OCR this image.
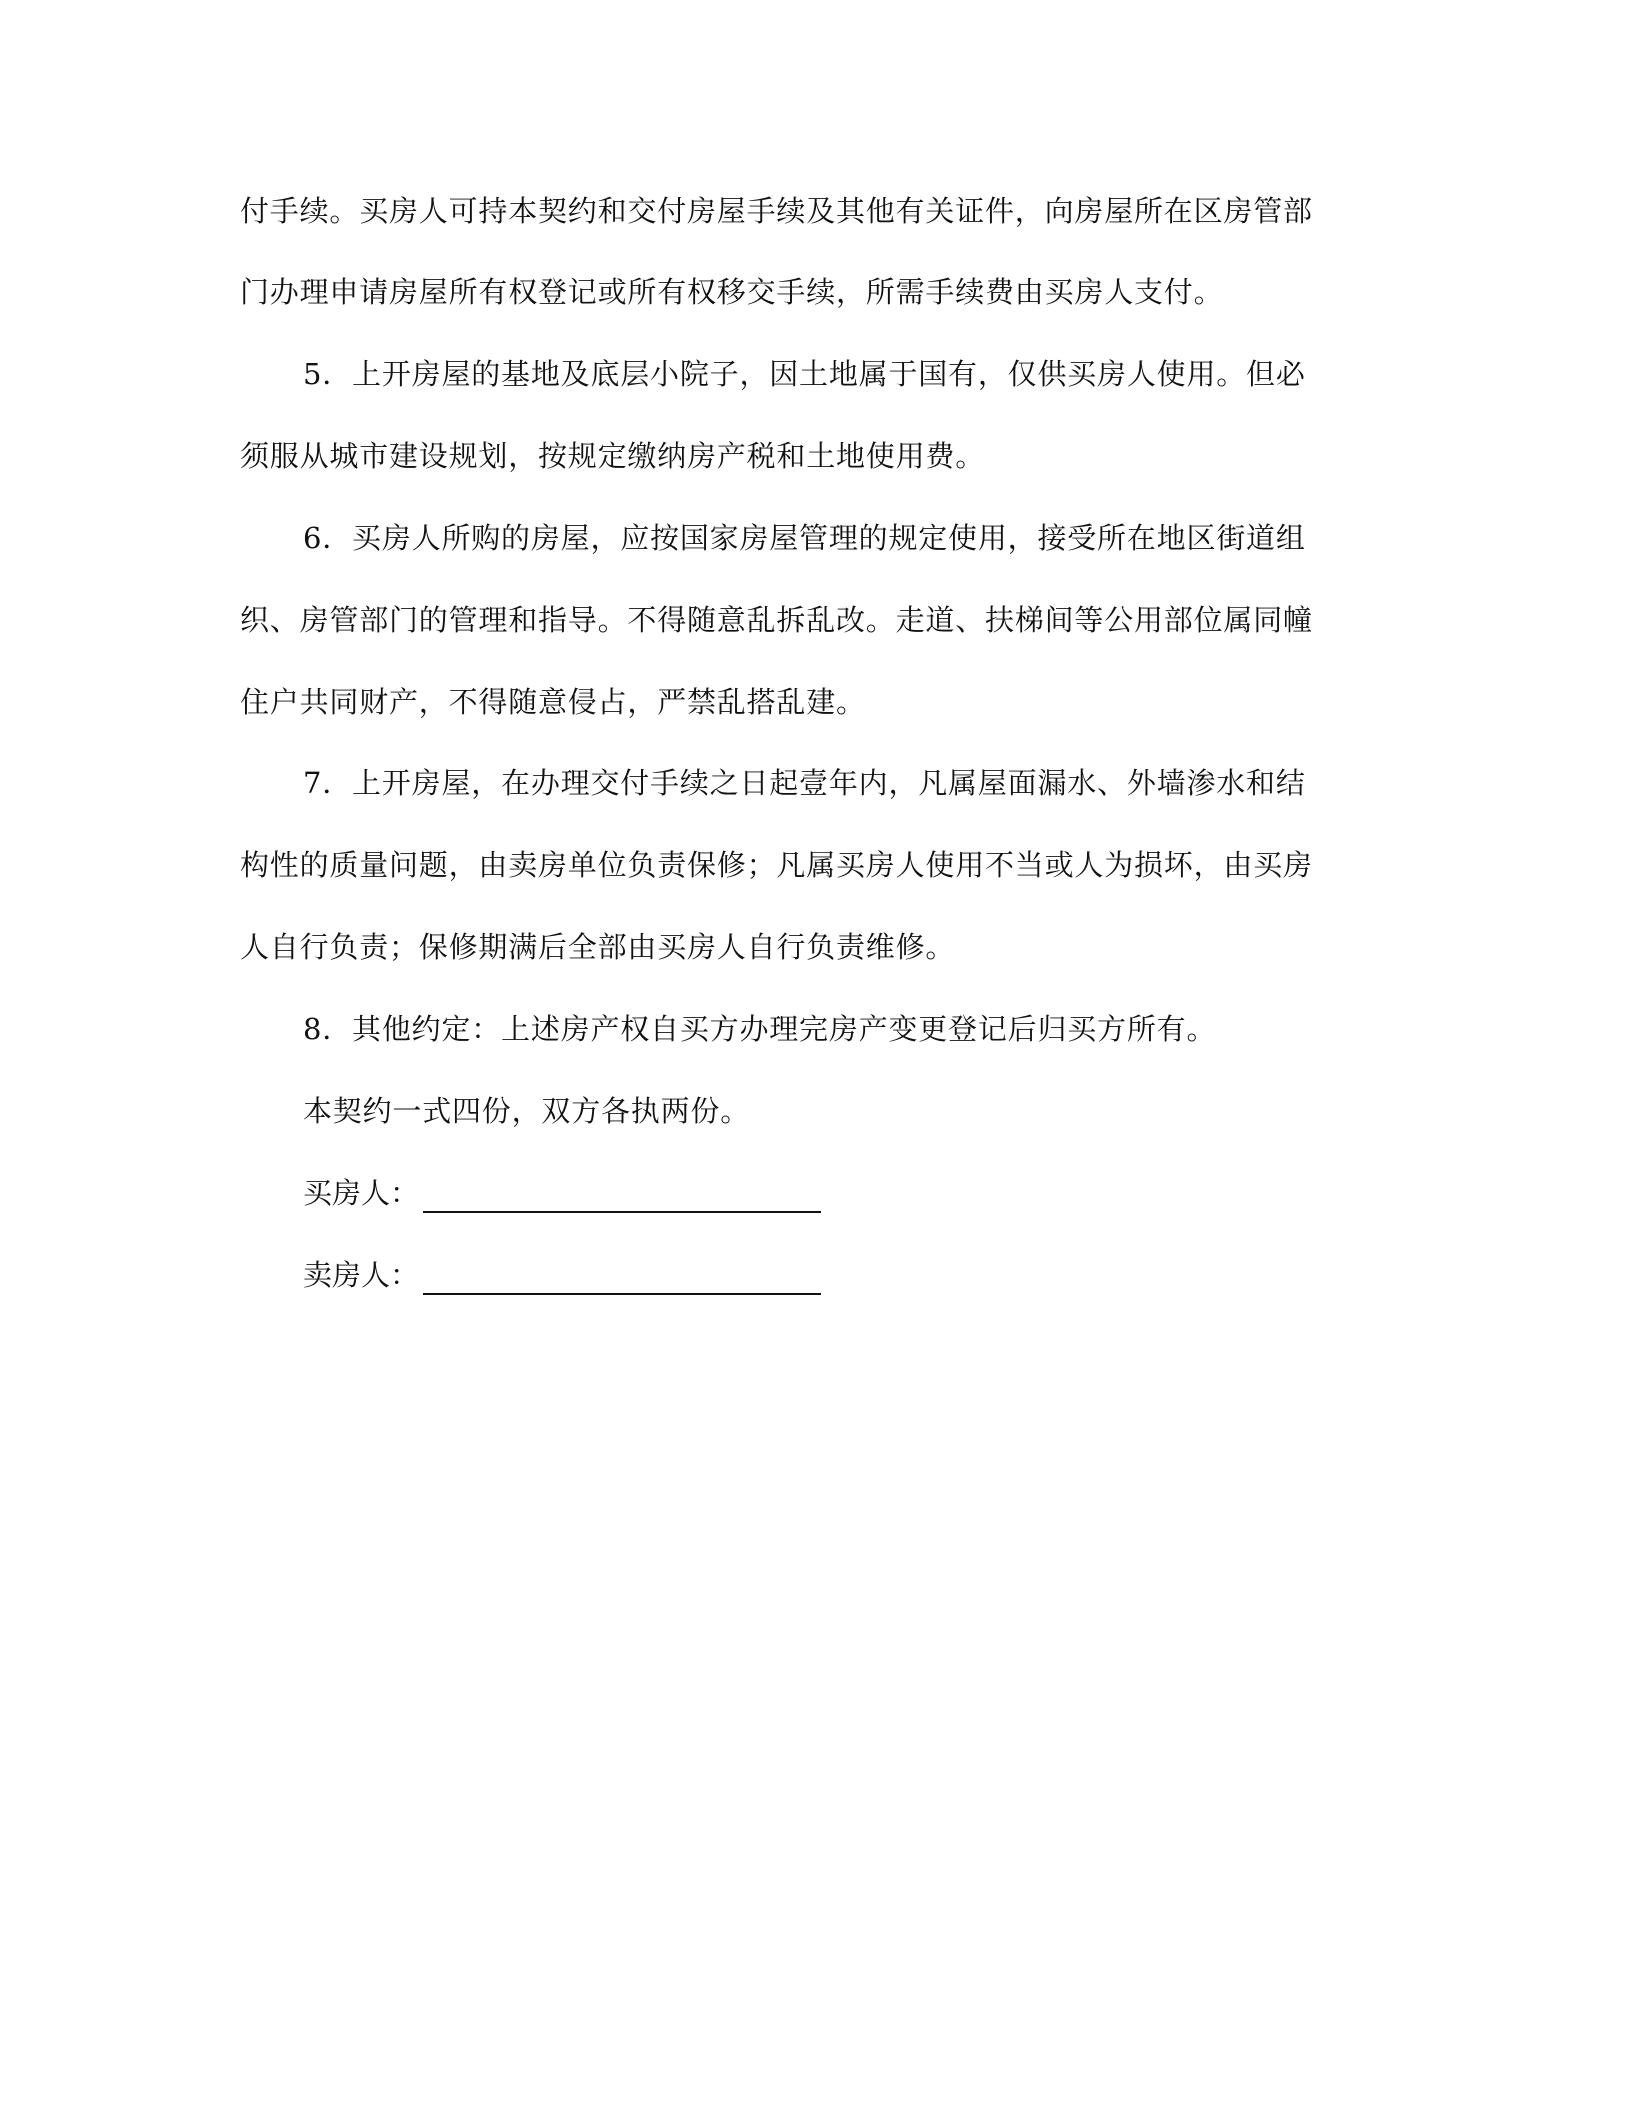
付手续。买房人可持本契约和交付房屋手续及其他有关证件，向房屋所在区房管部
门办理申请房屋所有权登记或所有权移交手续，所需手续费由买房人支付。
5．上开房屋的基地及底层小院子，因土地属于国有，仅供买房人使用。但必
须服从城市建设规划，按规定缴纳房产税和土地使用费。
6．买房人所购的房屋，应按国家房屋管理的规定使用，接受所在地区街道组
织、房管部门的管理和指导。不得随意乱拆乱改。走道、扶梯间等公用部位属同幢
住户共同财产，不得随意侵占，严禁乱搭乱建。
7．上开房屋，在办理交付手续之日起壹年内，凡属屋面漏水、外墙渗水和结
构性的质量问题，由卖房单位负责保修；凡属买房人使用不当或人为损坏，由买房
人自行负责；保修期满后全部由买房人自行负责维修。
8．其他约定：上述房产权自买方办理完房产变更登记后归买方所有。
本契约一式四份，双方各执两份。
买房人：
卖房人：
